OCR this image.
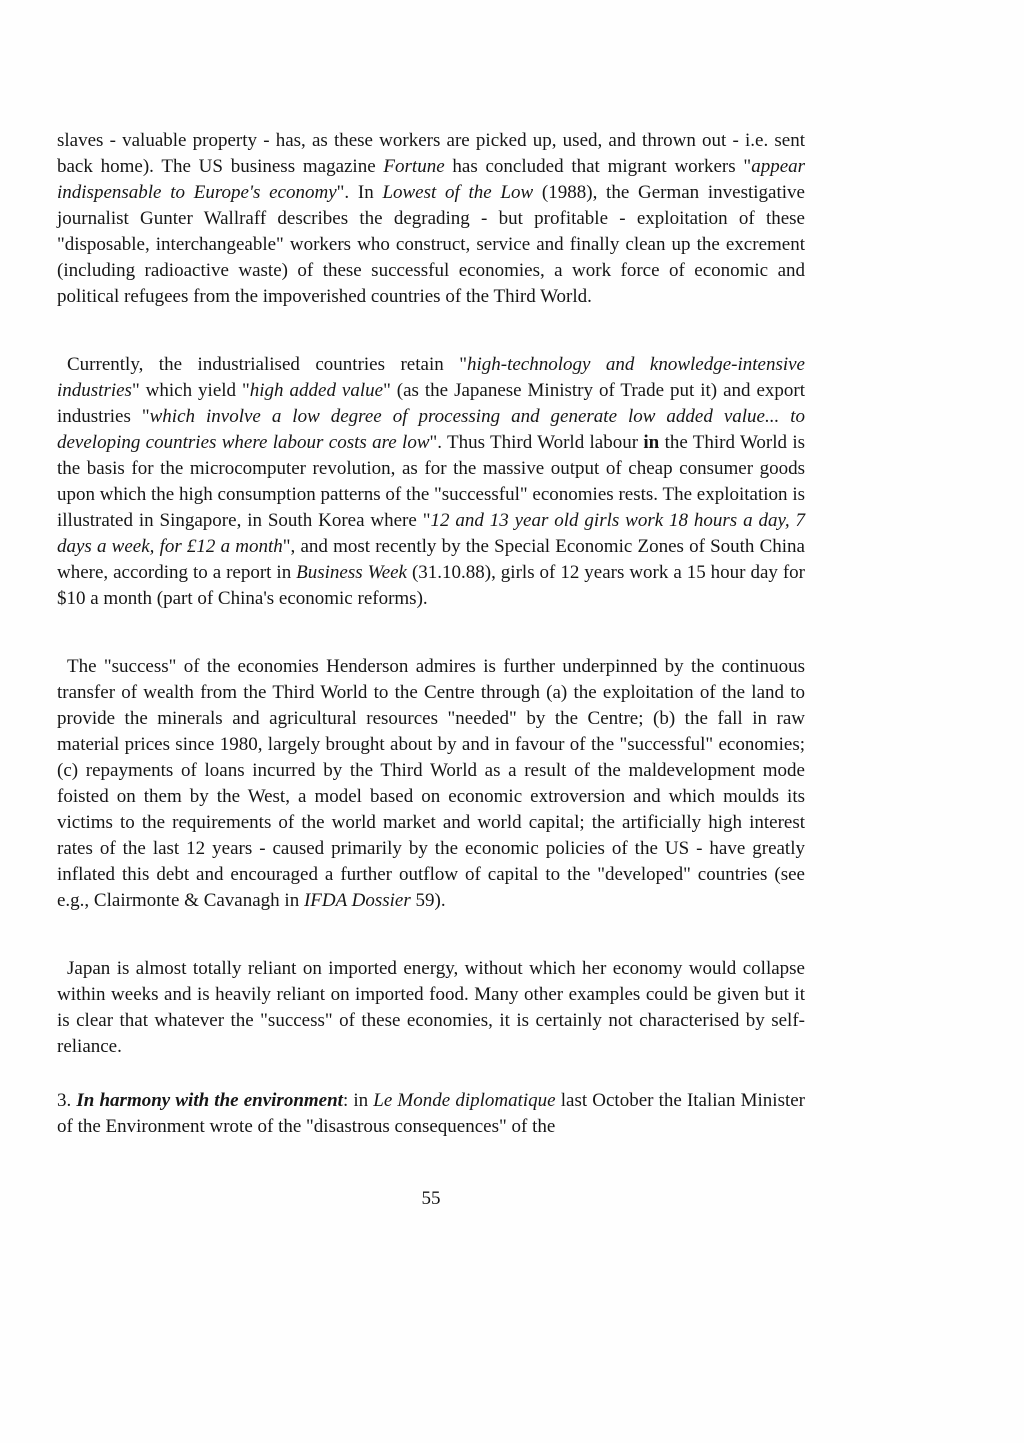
slaves - valuable property - has, as these workers are picked up, used, and thrown out - i.e. sent back home). The US business magazine Fortune has concluded that migrant workers "appear indispensable to Europe's economy". In Lowest of the Low (1988), the German investigative journalist Gunter Wallraff describes the degrading - but profitable - exploitation of these "disposable, interchangeable" workers who construct, service and finally clean up the excrement (including radioactive waste) of these successful economies, a work force of economic and political refugees from the impoverished countries of the Third World.

Currently, the industrialised countries retain "high-technology and knowledge-intensive industries" which yield "high added value" (as the Japanese Ministry of Trade put it) and export industries "which involve a low degree of processing and generate low added value... to developing countries where labour costs are low". Thus Third World labour in the Third World is the basis for the microcomputer revolution, as for the massive output of cheap consumer goods upon which the high consumption patterns of the "successful" economies rests. The exploitation is illustrated in Singapore, in South Korea where "12 and 13 year old girls work 18 hours a day, 7 days a week, for £12 a month", and most recently by the Special Economic Zones of South China where, according to a report in Business Week (31.10.88), girls of 12 years work a 15 hour day for $10 a month (part of China's economic reforms).

The "success" of the economies Henderson admires is further underpinned by the continuous transfer of wealth from the Third World to the Centre through (a) the exploitation of the land to provide the minerals and agricultural resources "needed" by the Centre; (b) the fall in raw material prices since 1980, largely brought about by and in favour of the "successful" economies; (c) repayments of loans incurred by the Third World as a result of the maldevelopment mode foisted on them by the West, a model based on economic extroversion and which moulds its victims to the requirements of the world market and world capital; the artificially high interest rates of the last 12 years - caused primarily by the economic policies of the US - have greatly inflated this debt and encouraged a further outflow of capital to the "developed" countries (see e.g., Clairmonte & Cavanagh in IFDA Dossier 59).

Japan is almost totally reliant on imported energy, without which her economy would collapse within weeks and is heavily reliant on imported food. Many other examples could be given but it is clear that whatever the "success" of these economies, it is certainly not characterised by self-reliance.

3. In harmony with the environment: in Le Monde diplomatique last October the Italian Minister of the Environment wrote of the "disastrous consequences" of the

55
